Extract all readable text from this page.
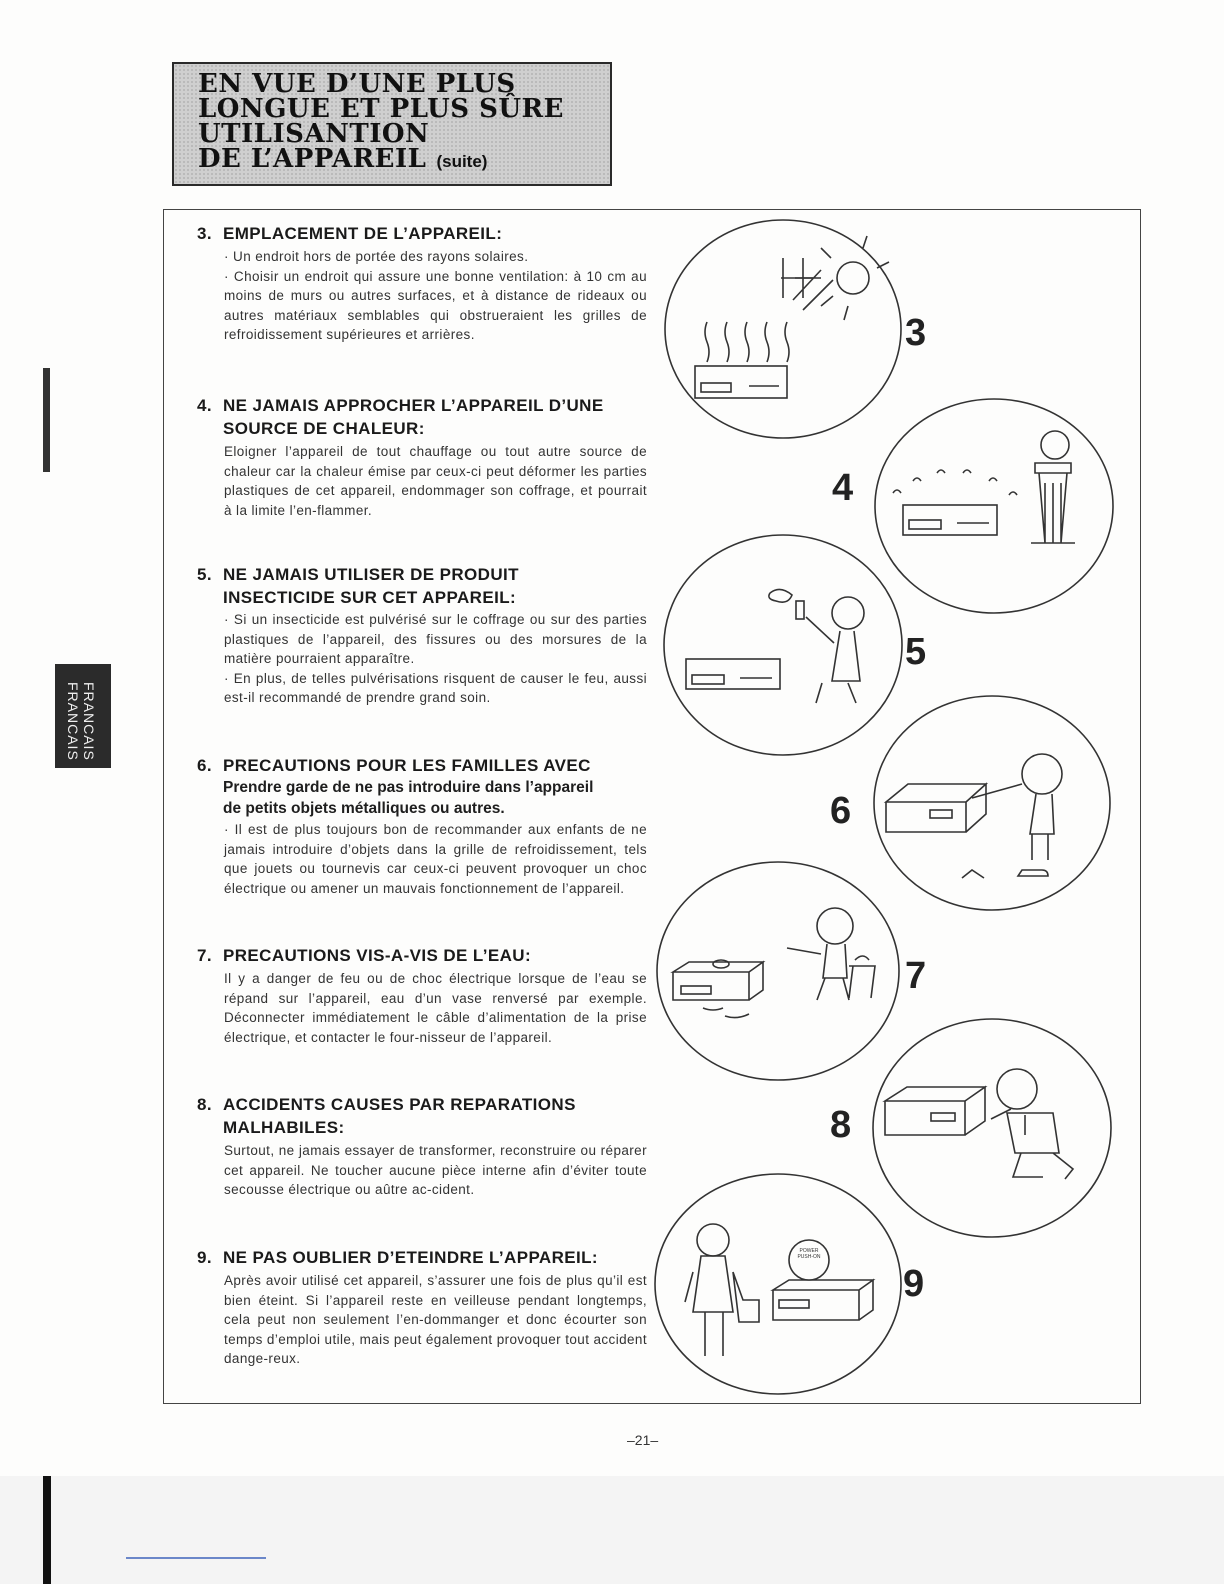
EN VUE D’UNE PLUS
LONGUE ET PLUS SÛRE
UTILISANTION
DE L’APPAREIL (suite)
FRANCAIS
FRANCAIS
3. EMPLACEMENT DE L’APPAREIL:

· Un endroit hors de portée des rayons solaires.

· Choisir un endroit qui assure une bonne ventilation: à 10 cm au moins de murs ou autres surfaces, et à distance de rideaux ou autres matériaux semblables qui obstrueraient les grilles de refroidissement supérieures et arrières.

4. NE JAMAIS APPROCHER L’APPAREIL D’UNE
SOURCE DE CHALEUR:

Eloigner l’appareil de tout chauffage ou tout autre source de chaleur car la chaleur émise par ceux-ci peut déformer les parties plastiques de cet appareil, endommager son coffrage, et pourrait à la limite l’en-flammer.

5. NE JAMAIS UTILISER DE PRODUIT
INSECTICIDE SUR CET APPAREIL:

· Si un insecticide est pulvérisé sur le coffrage ou sur des parties plastiques de l’appareil, des fissures ou des morsures de la matière pourraient apparaître.

· En plus, de telles pulvérisations risquent de causer le feu, aussi est-il recommandé de prendre grand soin.

6. PRECAUTIONS POUR LES FAMILLES AVEC
Prendre garde de ne pas introduire dans l’appareil
de petits objets métalliques ou autres.

· Il est de plus toujours bon de recommander aux enfants de ne jamais introduire d’objets dans la grille de refroidissement, tels que jouets ou tournevis car ceux-ci peuvent provoquer un choc électrique ou amener un mauvais fonctionnement de l’appareil.

7. PRECAUTIONS VIS-A-VIS DE L’EAU:

Il y a danger de feu ou de choc électrique lorsque de l’eau se répand sur l’appareil, eau d’un vase renversé par exemple. Déconnecter immédiatement le câble d’alimentation de la prise électrique, et contacter le four-nisseur de l’appareil.

8. ACCIDENTS CAUSES PAR REPARATIONS
MALHABILES:

Surtout, ne jamais essayer de transformer, reconstruire ou réparer cet appareil. Ne toucher aucune pièce interne afin d’éviter toute secousse électrique ou aûtre ac-cident.

9. NE PAS OUBLIER D’ETEINDRE L’APPAREIL:

Après avoir utilisé cet appareil, s’assurer une fois de plus qu’il est bien éteint. Si l’appareil reste en veilleuse pendant longtemps, cela peut non seulement l’en-dommanger et donc écourter son temps d’emploi utile, mais peut également provoquer tout accident dange-reux.

3
4
5
6
7
8
POWER
PUSH-ON
9
–21–
